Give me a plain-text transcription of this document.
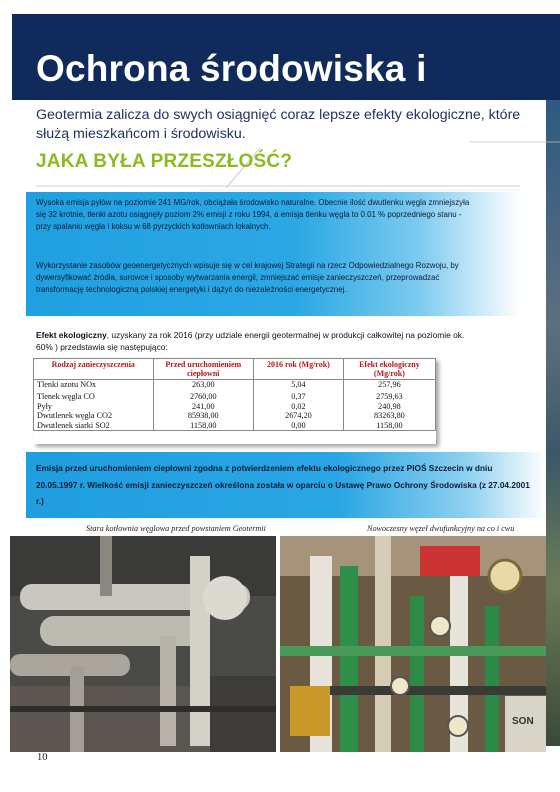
Ochrona środowiska i

Geotermia zalicza do swych osiągnięć coraz lepsze efekty ekologiczne, które służą mieszkańcom i środowisku.

JAKA BYŁA PRZESZŁOŚĆ?

Wysoka emisja pyłów na poziomie 241 MG/rok, obciążała środowisko naturalne. Obecnie ilość dwutlenku węgla zmniejszyła się 32 krotnie, tlenki azotu osiągnęły poziom 2% emisji z roku 1994, a emisja tlenku węgla to 0.01 % poprzedniego stanu - przy spalaniu węgla i koksu w 68 pyrzyckich kotłowniach lokalnych.

Wykorzystanie zasobów geoenergetycznych wpisuje się w cel krajowej Strategii na rzecz Odpowiedzialnego Rozwoju, by dywersyfikować źródła, surowce i sposoby wytwarzania energii, zmniejszać emisje zanieczyszczeń, przeprowadzać transformację technologiczną polskiej energetyki i dążyć do niezależności energetycznej.

Efekt ekologiczny, uzyskany za rok 2016 (przy udziale energii geotermalnej w produkcji całkowitej na poziomie ok. 60% ) przedstawia się następująco:

Rodzaj zanieczyszczenia	Przed uruchomieniem ciepłowni	2016 rok (Mg/rok)	Efekt ekologiczny (Mg/rok)
Tlenki azotu NOx	263,00	5,04	257,96
Tlenek węgla CO	2760,00	0,37	2759,63
Pyły	241,00	0,02	240,98
Dwutlenek węgla CO2	85938,00	2674,20	83263,80
Dwutlenek siarki SO2	1158,00	0,00	1158,00

Emisja przed uruchomieniem ciepłowni zgodna z potwierdzeniem efektu ekologicznego przez PIOŚ Szczecin w dniu 20.05.1997 r. Wielkość emisji zanieczyszczeń określona została w oparciu o Ustawę Prawo Ochrony Środowiska (z 27.04.2001 r.)

Stara kotłownia węglowa przed powstaniem Geotermii	Nowoczesny węzeł dwufunkcyjny na co i cwu

SON

10
